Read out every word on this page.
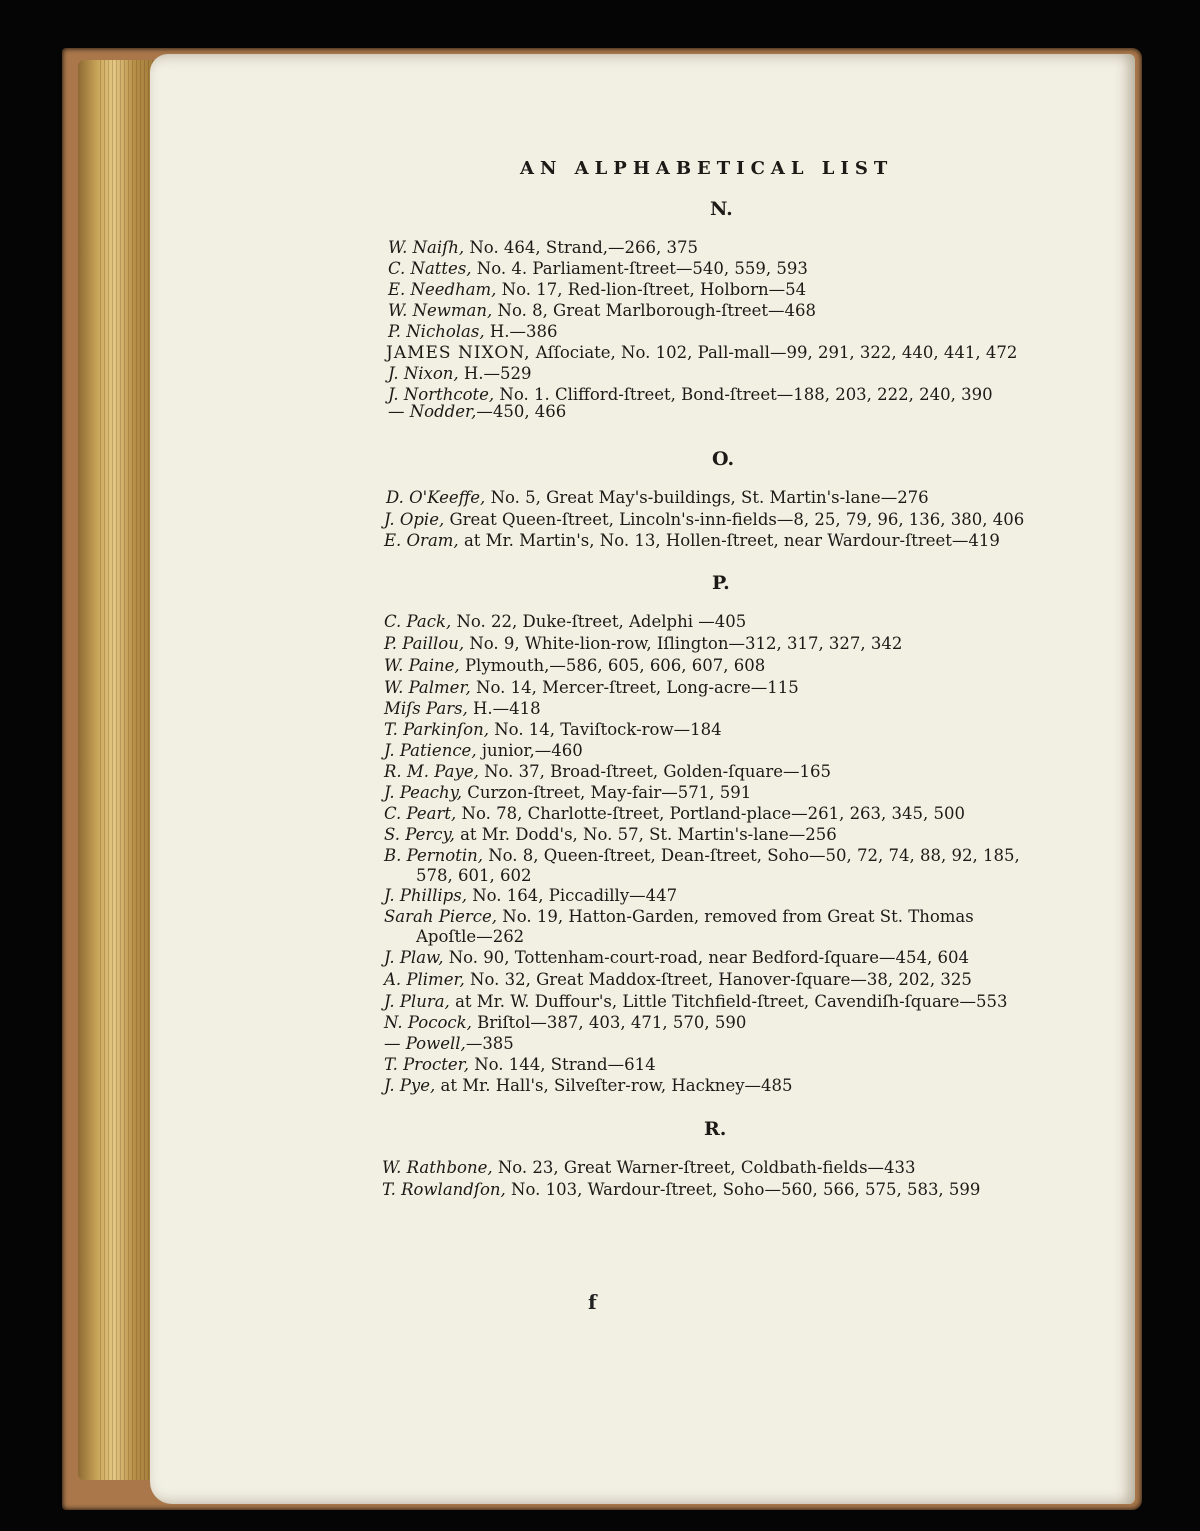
AN ALPHABETICAL LIST
N.
W. Naiſh, No. 464, Strand,—266, 375
C. Nattes, No. 4. Parliament-ſtreet—540, 559, 593
E. Needham, No. 17, Red-lion-ſtreet, Holborn—54
W. Newman, No. 8, Great Marlborough-ſtreet—468
P. Nicholas, H.—386
JAMES NIXON, Aſſociate, No. 102, Pall-mall—99, 291, 322, 440, 441, 472
J. Nixon, H.—529
J. Northcote, No. 1. Clifford-ſtreet, Bond-ſtreet—188, 203, 222, 240, 390
— Nodder,—450, 466
O.
D. O'Keeffe, No. 5, Great May's-buildings, St. Martin's-lane—276
J. Opie, Great Queen-ſtreet, Lincoln's-inn-fields—8, 25, 79, 96, 136, 380, 406
E. Oram, at Mr. Martin's, No. 13, Hollen-ſtreet, near Wardour-ſtreet—419
P.
C. Pack, No. 22, Duke-ſtreet, Adelphi —405
P. Paillou, No. 9, White-lion-row, Iſlington—312, 317, 327, 342
W. Paine, Plymouth,—586, 605, 606, 607, 608
W. Palmer, No. 14, Mercer-ſtreet, Long-acre—115
Miſs Pars, H.—418
T. Parkinſon, No. 14, Taviſtock-row—184
J. Patience, junior,—460
R. M. Paye, No. 37, Broad-ſtreet, Golden-ſquare—165
J. Peachy, Curzon-ſtreet, May-fair—571, 591
C. Peart, No. 78, Charlotte-ſtreet, Portland-place—261, 263, 345, 500
S. Percy, at Mr. Dodd's, No. 57, St. Martin's-lane—256
B. Pernotin, No. 8, Queen-ſtreet, Dean-ſtreet, Soho—50, 72, 74, 88, 92, 185,
578, 601, 602
J. Phillips, No. 164, Piccadilly—447
Sarah Pierce, No. 19, Hatton-Garden, removed from Great St. Thomas
Apoſtle—262
J. Plaw, No. 90, Tottenham-court-road, near Bedford-ſquare—454, 604
A. Plimer, No. 32, Great Maddox-ſtreet, Hanover-ſquare—38, 202, 325
J. Plura, at Mr. W. Duffour's, Little Titchfield-ſtreet, Cavendiſh-ſquare—553
N. Pocock, Briſtol—387, 403, 471, 570, 590
— Powell,—385
T. Procter, No. 144, Strand—614
J. Pye, at Mr. Hall's, Silveſter-row, Hackney—485
R.
W. Rathbone, No. 23, Great Warner-ſtreet, Coldbath-fields—433
T. Rowlandſon, No. 103, Wardour-ſtreet, Soho—560, 566, 575, 583, 599
f
